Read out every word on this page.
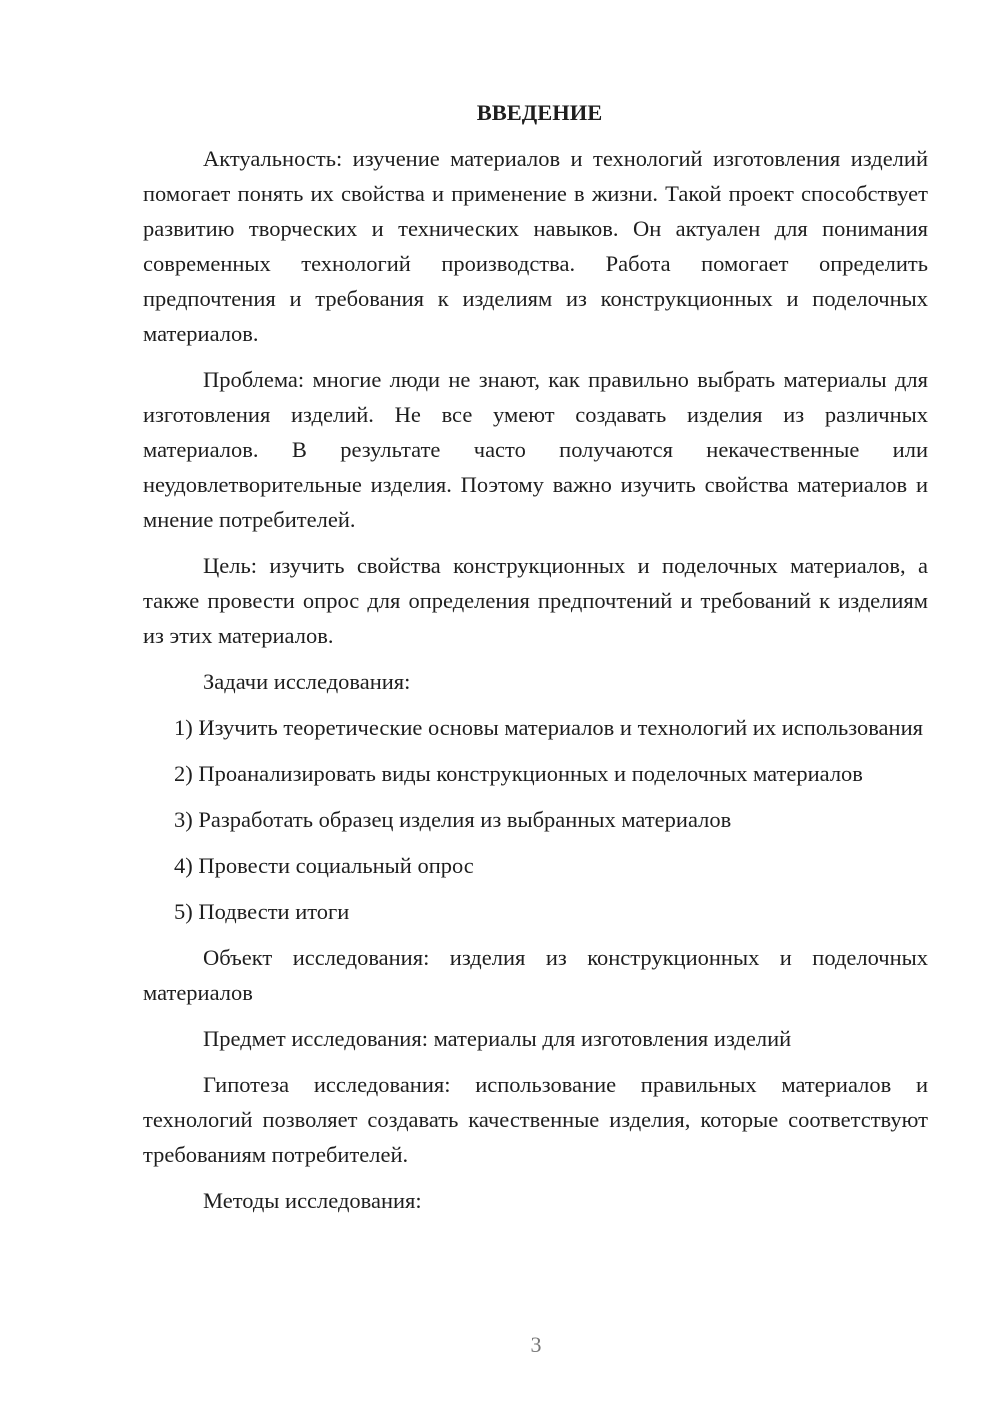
ВВЕДЕНИЕ

Актуальность: изучение материалов и технологий изготовления изделий помогает понять их свойства и применение в жизни. Такой проект способствует развитию творческих и технических навыков. Он актуален для понимания современных технологий производства. Работа помогает определить предпочтения и требования к изделиям из конструкционных и поделочных материалов.

Проблема: многие люди не знают, как правильно выбрать материалы для изготовления изделий. Не все умеют создавать изделия из различных материалов. В результате часто получаются некачественные или неудовлетворительные изделия. Поэтому важно изучить свойства материалов и мнение потребителей.

Цель: изучить свойства конструкционных и поделочных материалов, а также провести опрос для определения предпочтений и требований к изделиям из этих материалов.

Задачи исследования:

1) Изучить теоретические основы материалов и технологий их использования

2) Проанализировать виды конструкционных и поделочных материалов

3) Разработать образец изделия из выбранных материалов

4) Провести социальный опрос

5) Подвести итоги

Объект исследования: изделия из конструкционных и поделочных материалов

Предмет исследования: материалы для изготовления изделий

Гипотеза исследования: использование правильных материалов и технологий позволяет создавать качественные изделия, которые соответствуют требованиям потребителей.

Методы исследования:

3
